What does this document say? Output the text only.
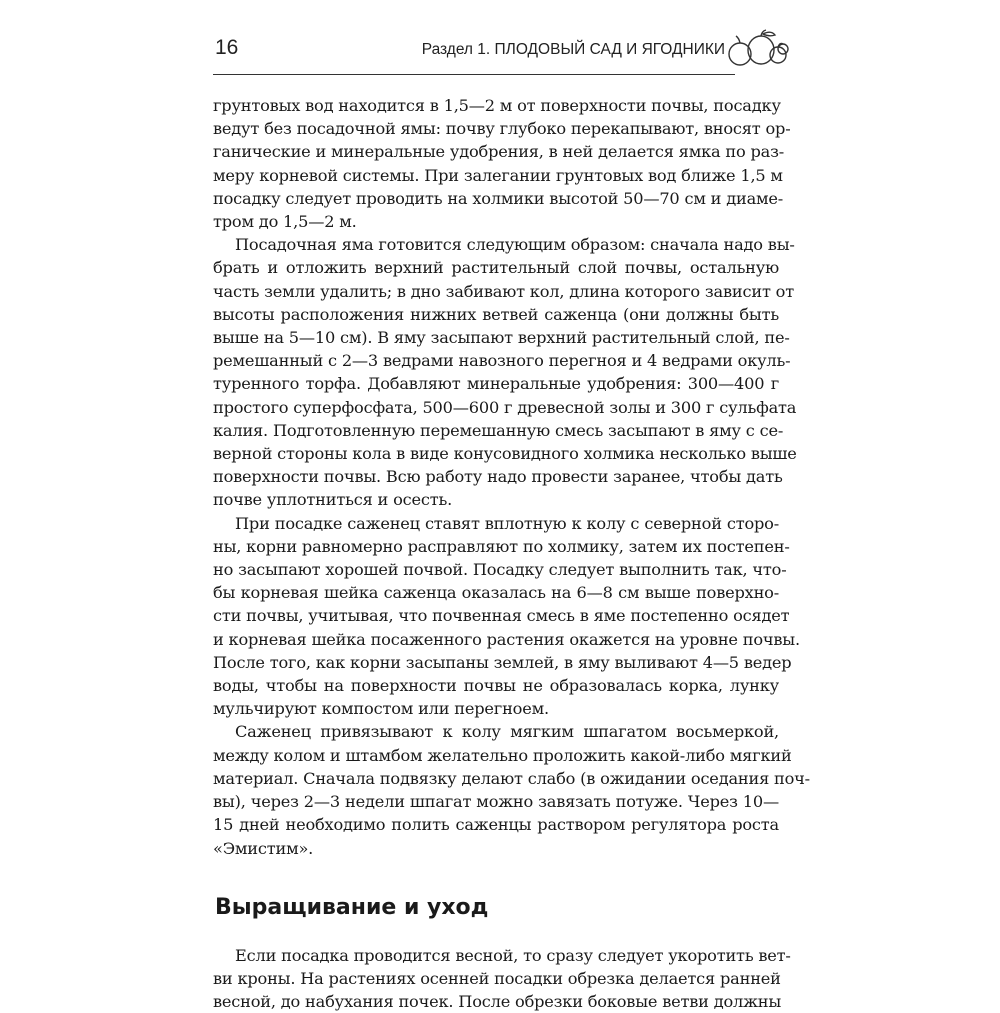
16	Раздел 1. ПЛОДОВЫЙ САД И ЯГОДНИКИ

грунтовых вод находится в 1,5—2 м от поверхности почвы, посадку
ведут без посадочной ямы: почву глубоко перекапывают, вносят ор-
ганические и минеральные удобрения, в ней делается ямка по раз-
меру корневой системы. При залегании грунтовых вод ближе 1,5 м
посадку следует проводить на холмики высотой 50—70 см и диаме-
тром до 1,5—2 м.

Посадочная яма готовится следующим образом: сначала надо вы-
брать и отложить верхний растительный слой почвы, остальную
часть земли удалить; в дно забивают кол, длина которого зависит от
высоты расположения нижних ветвей саженца (они должны быть
выше на 5—10 см). В яму засыпают верхний растительный слой, пе-
ремешанный с 2—3 ведрами навозного перегноя и 4 ведрами окуль-
туренного торфа. Добавляют минеральные удобрения: 300—400 г
простого суперфосфата, 500—600 г древесной золы и 300 г сульфата
калия. Подготовленную перемешанную смесь засыпают в яму с се-
верной стороны кола в виде конусовидного холмика несколько выше
поверхности почвы. Всю работу надо провести заранее, чтобы дать
почве уплотниться и осесть.

При посадке саженец ставят вплотную к колу с северной сторо-
ны, корни равномерно расправляют по холмику, затем их постепен-
но засыпают хорошей почвой. Посадку следует выполнить так, что-
бы корневая шейка саженца оказалась на 6—8 см выше поверхно-
сти почвы, учитывая, что почвенная смесь в яме постепенно осядет
и корневая шейка посаженного растения окажется на уровне почвы.
После того, как корни засыпаны землей, в яму выливают 4—5 ведер
воды, чтобы на поверхности почвы не образовалась корка, лунку
мульчируют компостом или перегноем.

Саженец привязывают к колу мягким шпагатом восьмеркой,
между колом и штамбом желательно проложить какой-либо мягкий
материал. Сначала подвязку делают слабо (в ожидании оседания поч-
вы), через 2—3 недели шпагат можно завязать потуже. Через 10—
15 дней необходимо полить саженцы раствором регулятора роста
«Эмистим».

Выращивание и уход

Если посадка проводится весной, то сразу следует укоротить вет-
ви кроны. На растениях осенней посадки обрезка делается ранней
весной, до набухания почек. После обрезки боковые ветви должны
